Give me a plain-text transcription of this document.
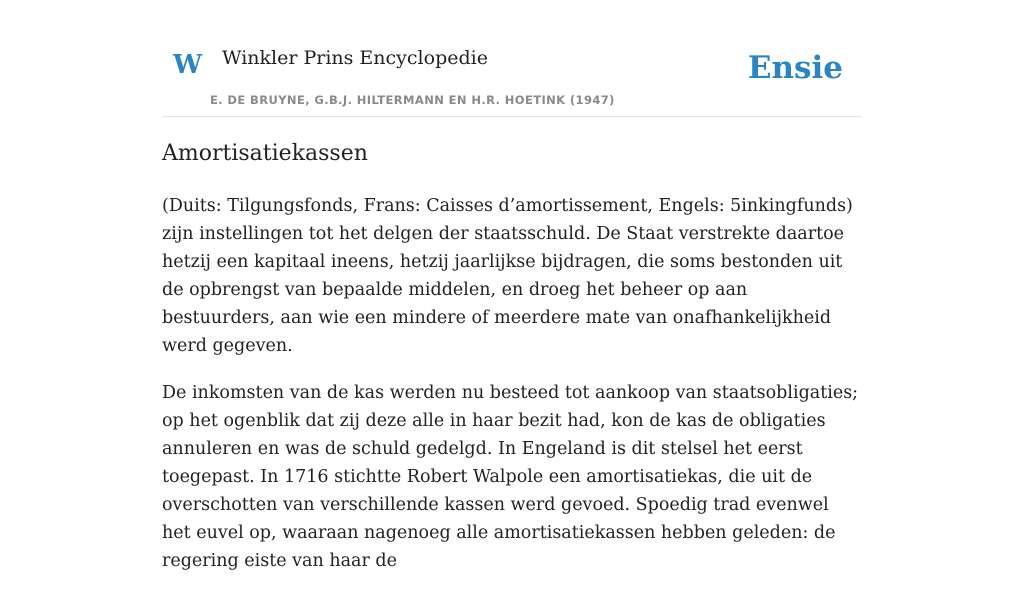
W Winkler Prins Encyclopedie
E. DE BRUYNE, G.B.J. HILTERMANN EN H.R. HOETINK (1947)
Ensie
Amortisatiekassen

(Duits: Tilgungsfonds, Frans: Caisses d’amortissement, Engels: 5inkingfunds) zijn instellingen tot het delgen der staatsschuld. De Staat verstrekte daartoe hetzij een kapitaal ineens, hetzij jaarlijkse bijdragen, die soms bestonden uit de opbrengst van bepaalde middelen, en droeg het beheer op aan bestuurders, aan wie een mindere of meerdere mate van onafhankelijkheid werd gegeven.

De inkomsten van de kas werden nu besteed tot aankoop van staatsobligaties; op het ogenblik dat zij deze alle in haar bezit had, kon de kas de obligaties annuleren en was de schuld gedelgd. In Engeland is dit stelsel het eerst toegepast. In 1716 stichtte Robert Walpole een amortisatiekas, die uit de overschotten van verschillende kassen werd gevoed. Spoedig trad evenwel het euvel op, waaraan nagenoeg alle amortisatiekassen hebben geleden: de regering eiste van haar de
